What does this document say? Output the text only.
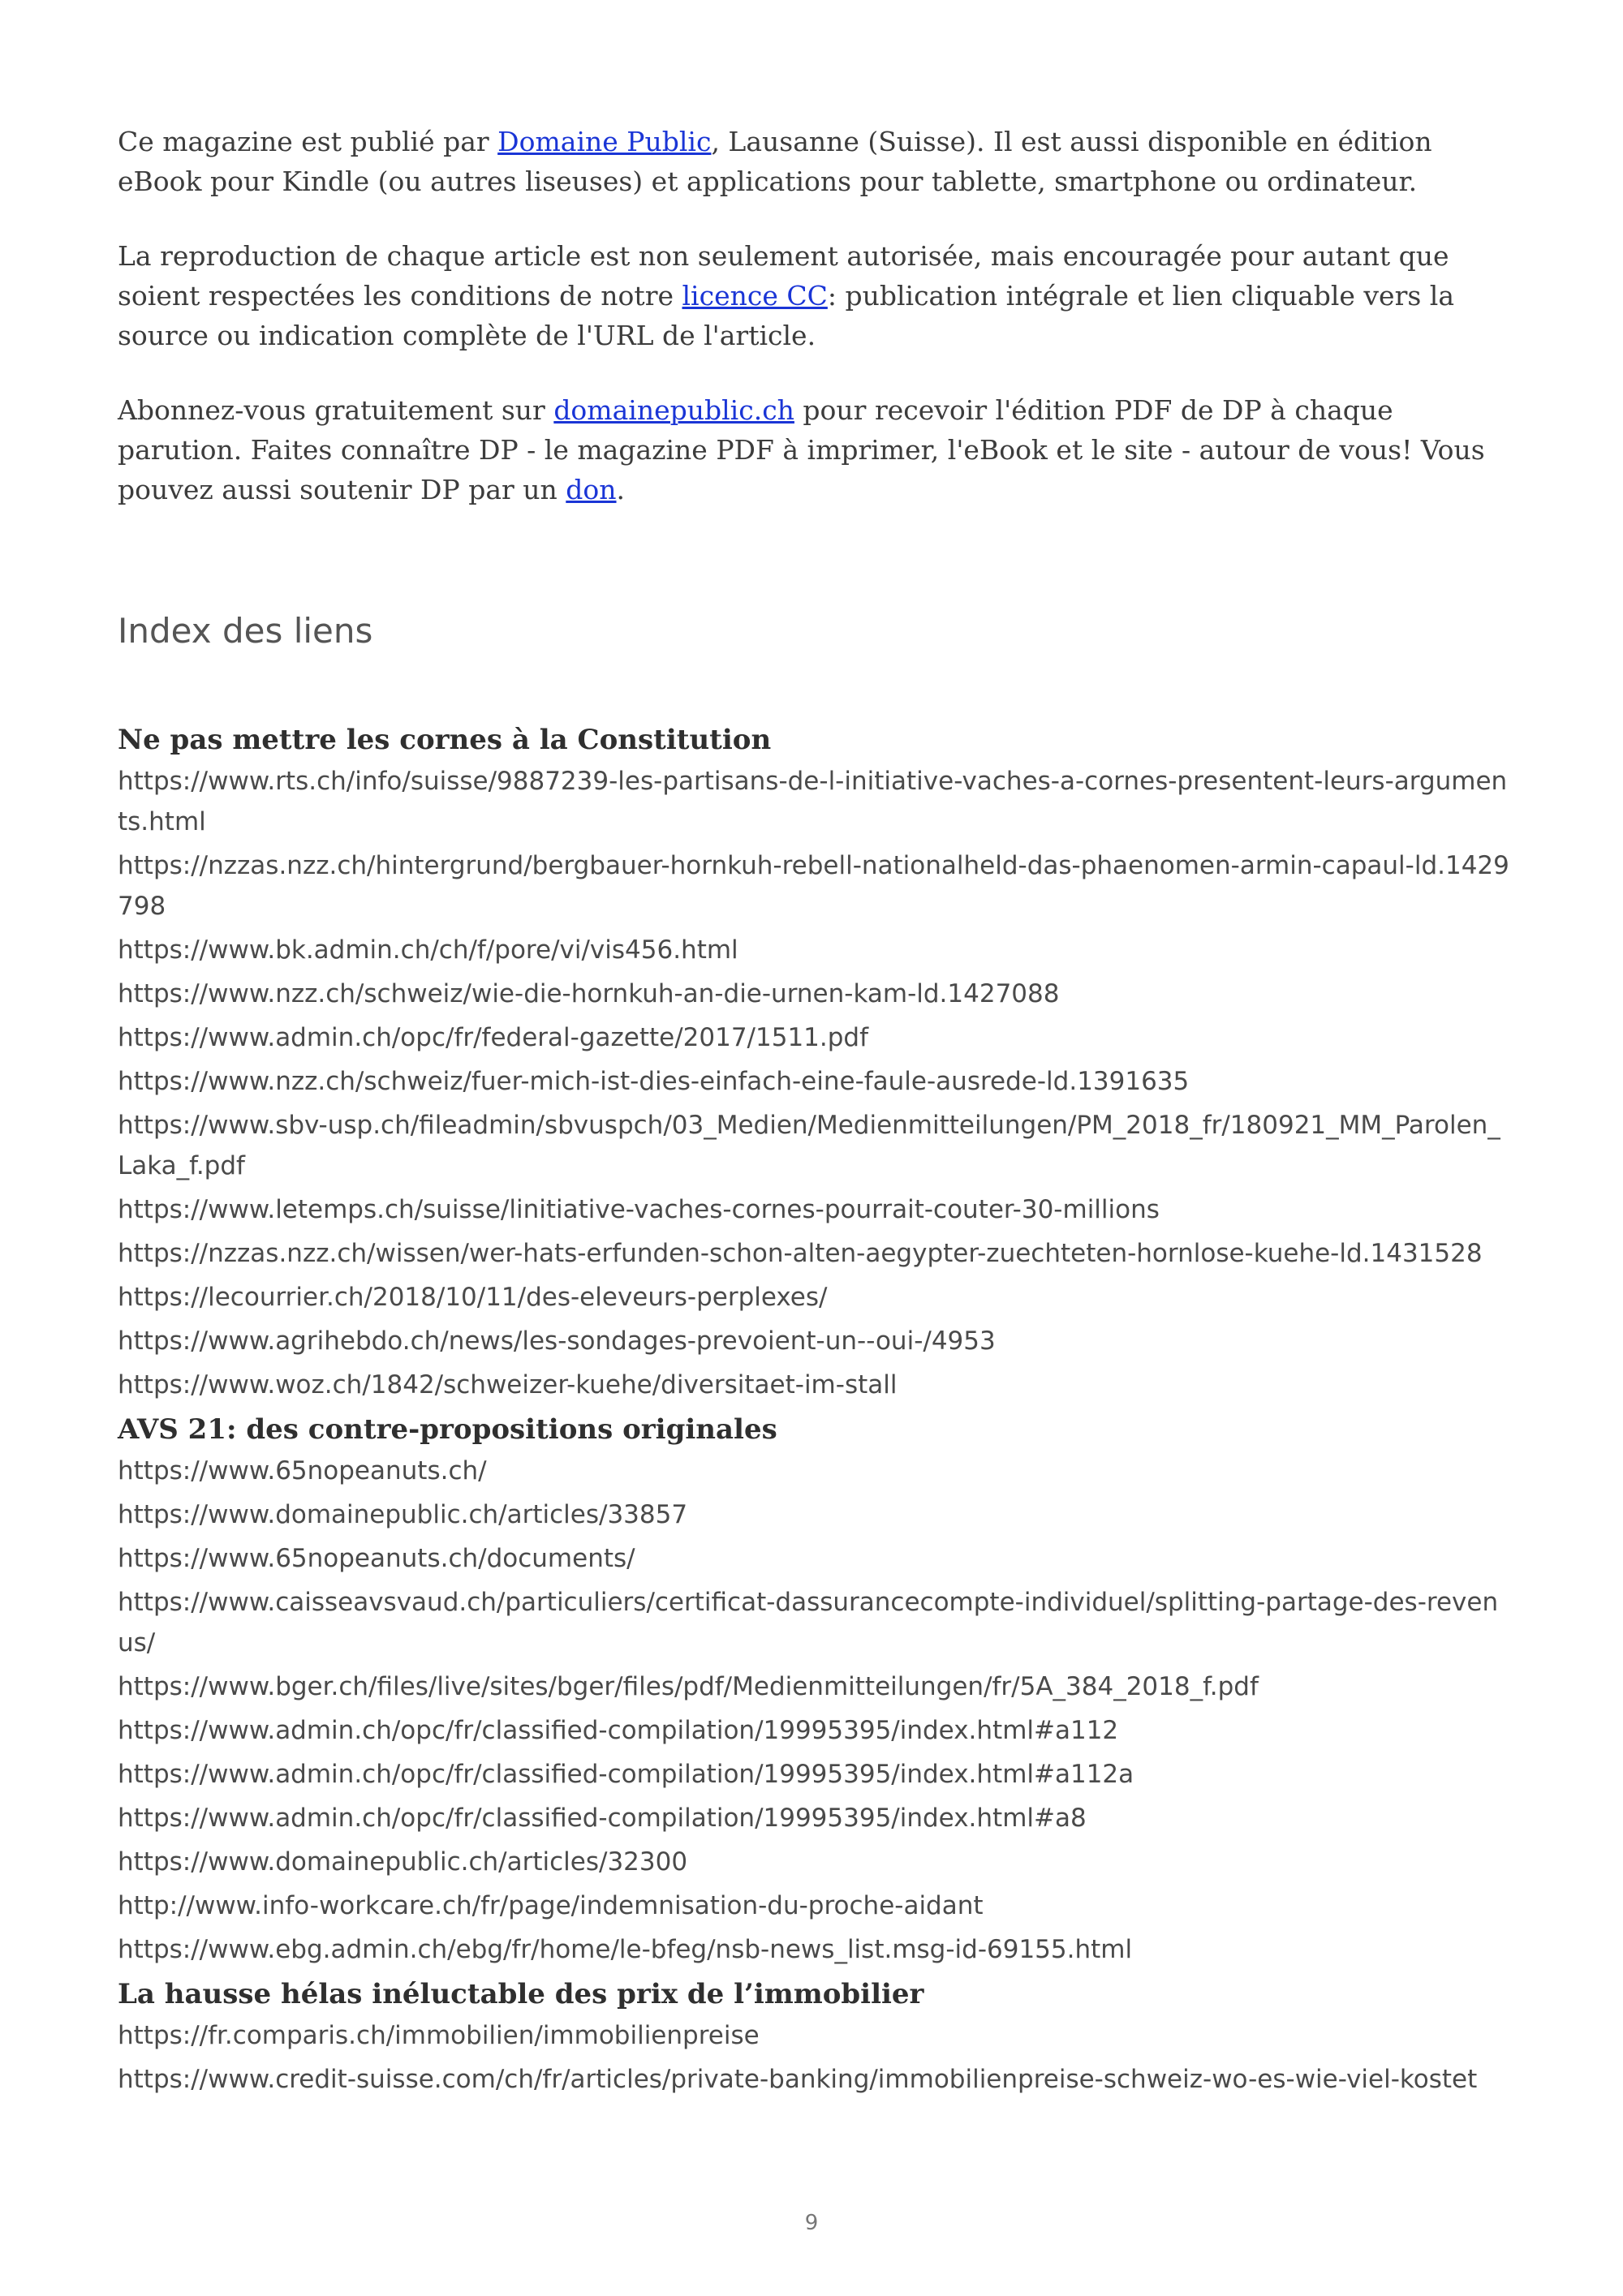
Ce magazine est publié par Domaine Public, Lausanne (Suisse). Il est aussi disponible en édition eBook pour Kindle (ou autres liseuses) et applications pour tablette, smartphone ou ordinateur.

La reproduction de chaque article est non seulement autorisée, mais encouragée pour autant que soient respectées les conditions de notre licence CC: publication intégrale et lien cliquable vers la source ou indication complète de l'URL de l'article.

Abonnez-vous gratuitement sur domainepublic.ch pour recevoir l'édition PDF de DP à chaque parution. Faites connaître DP - le magazine PDF à imprimer, l'eBook et le site - autour de vous! Vous pouvez aussi soutenir DP par un don.

Index des liens
Ne pas mettre les cornes à la Constitution
https://www.rts.ch/info/suisse/9887239-les-partisans-de-l-initiative-vaches-a-cornes-presentent-leurs-arguments.html
https://nzzas.nzz.ch/hintergrund/bergbauer-hornkuh-rebell-nationalheld-das-phaenomen-armin-capaul-ld.1429798
https://www.bk.admin.ch/ch/f/pore/vi/vis456.html
https://www.nzz.ch/schweiz/wie-die-hornkuh-an-die-urnen-kam-ld.1427088
https://www.admin.ch/opc/fr/federal-gazette/2017/1511.pdf
https://www.nzz.ch/schweiz/fuer-mich-ist-dies-einfach-eine-faule-ausrede-ld.1391635
https://www.sbv-usp.ch/fileadmin/sbvuspch/03_Medien/Medienmitteilungen/PM_2018_fr/180921_MM_Parolen_Laka_f.pdf
https://www.letemps.ch/suisse/linitiative-vaches-cornes-pourrait-couter-30-millions
https://nzzas.nzz.ch/wissen/wer-hats-erfunden-schon-alten-aegypter-zuechteten-hornlose-kuehe-ld.1431528
https://lecourrier.ch/2018/10/11/des-eleveurs-perplexes/
https://www.agrihebdo.ch/news/les-sondages-prevoient-un--oui-/4953
https://www.woz.ch/1842/schweizer-kuehe/diversitaet-im-stall
AVS 21: des contre-propositions originales
https://www.65nopeanuts.ch/
https://www.domainepublic.ch/articles/33857
https://www.65nopeanuts.ch/documents/
https://www.caisseavsvaud.ch/particuliers/certificat-dassurancecompte-individuel/splitting-partage-des-revenus/
https://www.bger.ch/files/live/sites/bger/files/pdf/Medienmitteilungen/fr/5A_384_2018_f.pdf
https://www.admin.ch/opc/fr/classified-compilation/19995395/index.html#a112
https://www.admin.ch/opc/fr/classified-compilation/19995395/index.html#a112a
https://www.admin.ch/opc/fr/classified-compilation/19995395/index.html#a8
https://www.domainepublic.ch/articles/32300
http://www.info-workcare.ch/fr/page/indemnisation-du-proche-aidant
https://www.ebg.admin.ch/ebg/fr/home/le-bfeg/nsb-news_list.msg-id-69155.html
La hausse hélas inéluctable des prix de l’immobilier
https://fr.comparis.ch/immobilien/immobilienpreise
https://www.credit-suisse.com/ch/fr/articles/private-banking/immobilienpreise-schweiz-wo-es-wie-viel-kostet
9
